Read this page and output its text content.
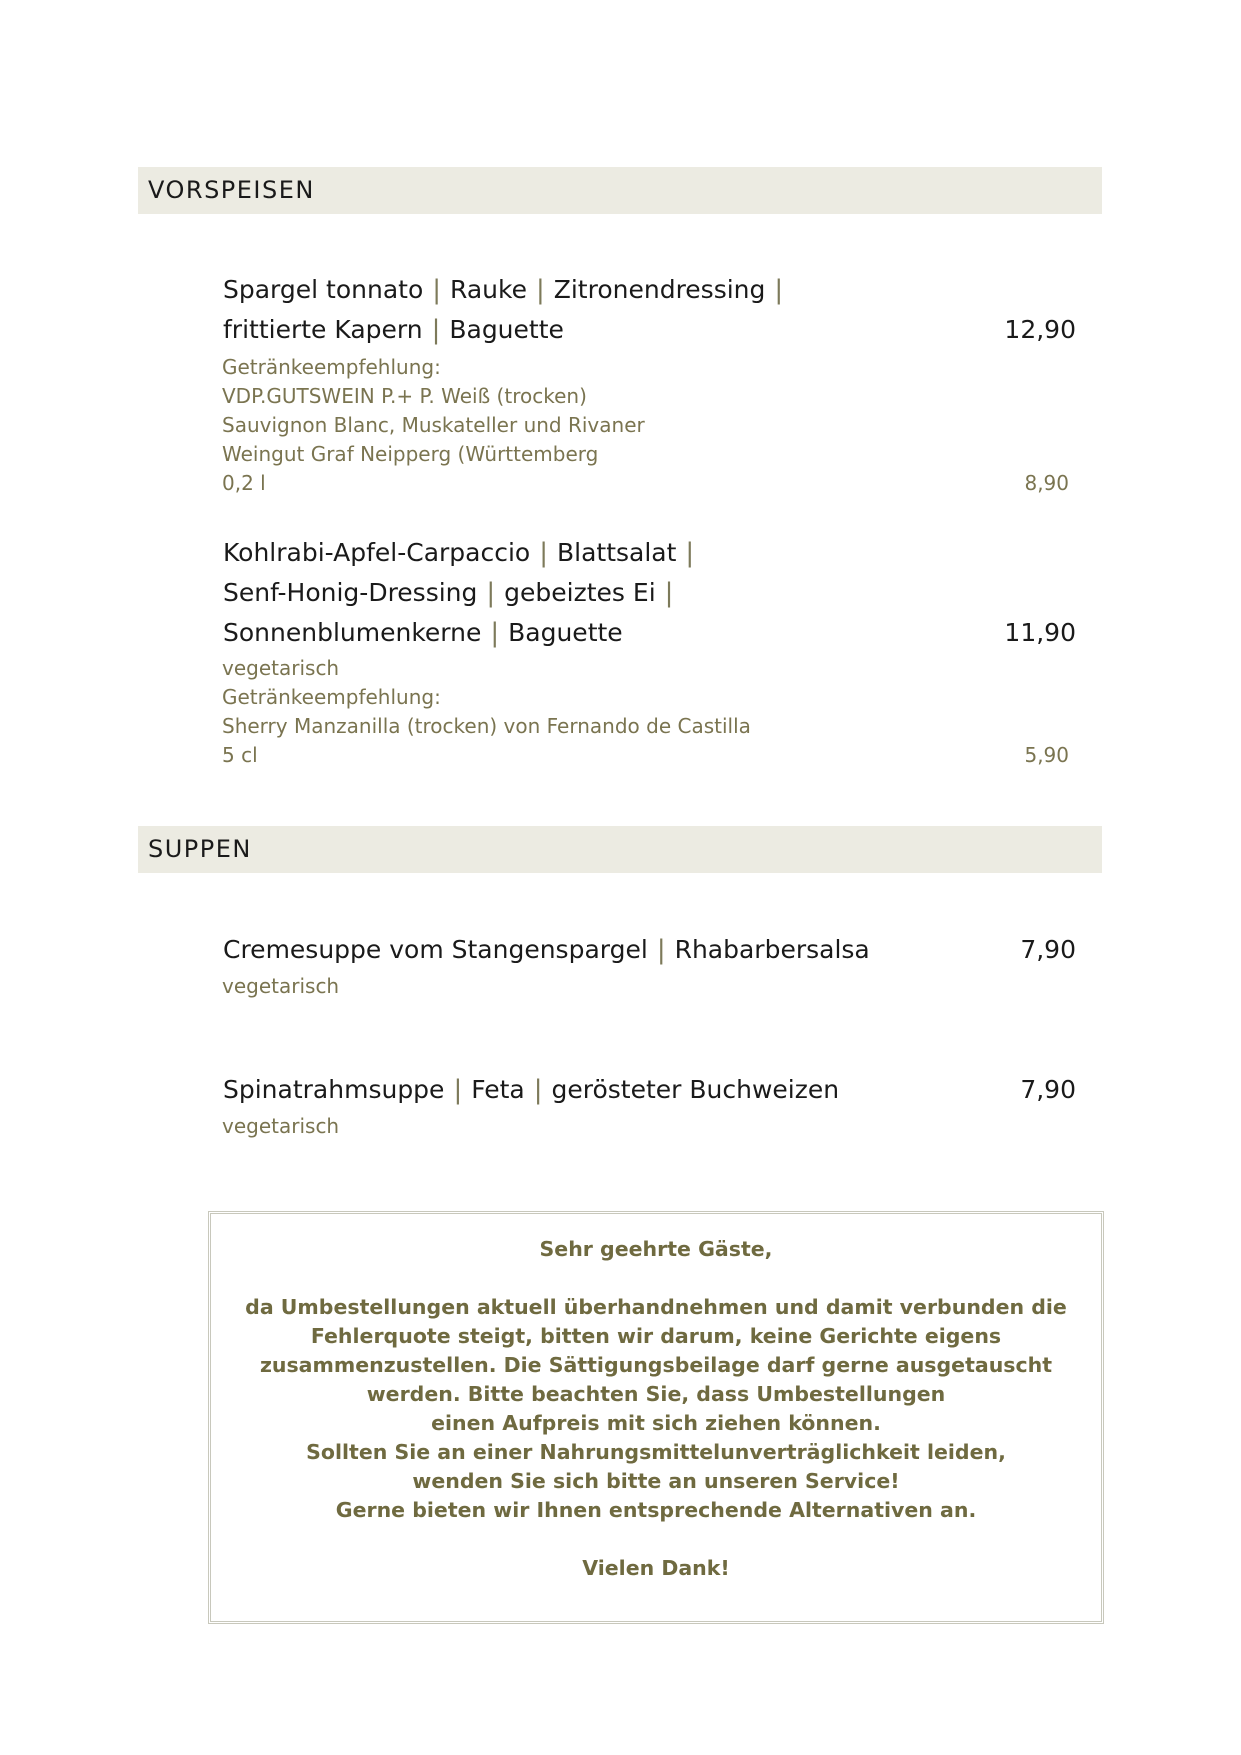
VORSPEISEN
Spargel tonnato | Rauke | Zitronendressing |
frittierte Kapern | Baguette	12,90
Getränkeempfehlung:
VDP.GUTSWEIN P.+ P. Weiß (trocken)
Sauvignon Blanc, Muskateller und Rivaner
Weingut Graf Neipperg (Württemberg
0,2 l	8,90
Kohlrabi-Apfel-Carpaccio | Blattsalat |
Senf-Honig-Dressing | gebeiztes Ei |
Sonnenblumenkerne | Baguette	11,90
vegetarisch
Getränkeempfehlung:
Sherry Manzanilla (trocken) von Fernando de Castilla
5 cl	5,90
SUPPEN
Cremesuppe vom Stangenspargel | Rhabarbersalsa	7,90
vegetarisch
Spinatrahmsuppe | Feta | gerösteter Buchweizen	7,90
vegetarisch
Sehr geehrte Gäste,
da Umbestellungen aktuell überhandnehmen und damit verbunden die
Fehlerquote steigt, bitten wir darum, keine Gerichte eigens
zusammenzustellen. Die Sättigungsbeilage darf gerne ausgetauscht
werden. Bitte beachten Sie, dass Umbestellungen
einen Aufpreis mit sich ziehen können.
Sollten Sie an einer Nahrungsmittelunverträglichkeit leiden,
wenden Sie sich bitte an unseren Service!
Gerne bieten wir Ihnen entsprechende Alternativen an.
Vielen Dank!
